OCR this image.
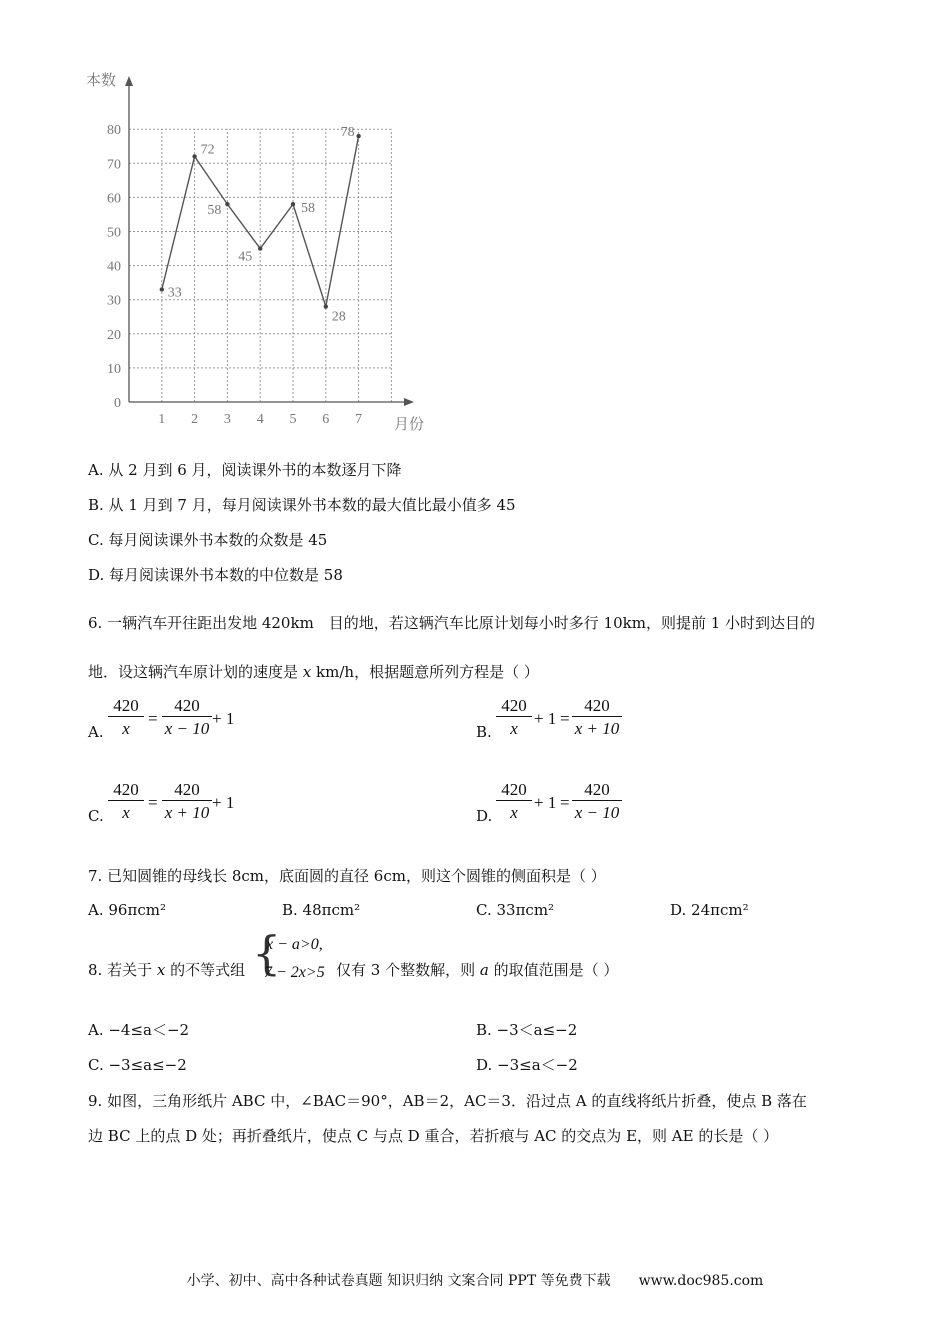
0
10
20
30
40
50
60
70
80
1 2 3 4 5 6 7
33
72
58
45
58
28
78
本数
月份
A. 从 2 月到 6 月，阅读课外书的本数逐月下降
B. 从 1 月到 7 月，每月阅读课外书本数的最大值比最小值多 45
C. 每月阅读课外书本数的众数是 45
D. 每月阅读课外书本数的中位数是 58
6. 一辆汽车开往距出发地 420km　目的地，若这辆汽车比原计划每小时多行 10km，则提前 1 小时到达目的
地．设这辆汽车原计划的速度是 x km/h，根据题意所列方程是（ ）
A. $\frac{420}{x} = \frac{420}{x - 10} + 1$
B. $\frac{420}{x} + 1 = \frac{420}{x + 10}$
C. $\frac{420}{x} = \frac{420}{x + 10} + 1$
D. $\frac{420}{x} + 1 = \frac{420}{x - 10}$
7. 已知圆锥的母线长 8cm，底面圆的直径 6cm，则这个圆锥的侧面积是（ ）
A. 96πcm²	B. 48πcm²	C. 33πcm²	D. 24πcm²
8. 若关于 x 的不等式组 {
x − a>0,
7 − 2x>5 仅有 3 个整数解，则 a 的取值范围是（ ）
A. −4≤a＜−2	B. −3＜a≤−2
C. −3≤a≤−2	D. −3≤a＜−2
9. 如图，三角形纸片 ABC 中，∠BAC＝90°，AB＝2，AC＝3．沿过点 A 的直线将纸片折叠，使点 B 落在
边 BC 上的点 D 处；再折叠纸片，使点 C 与点 D 重合，若折痕与 AC 的交点为 E，则 AE 的长是（ ）
小学、初中、高中各种试卷真题 知识归纳 文案合同 PPT 等免费下载　　www.doc985.com
